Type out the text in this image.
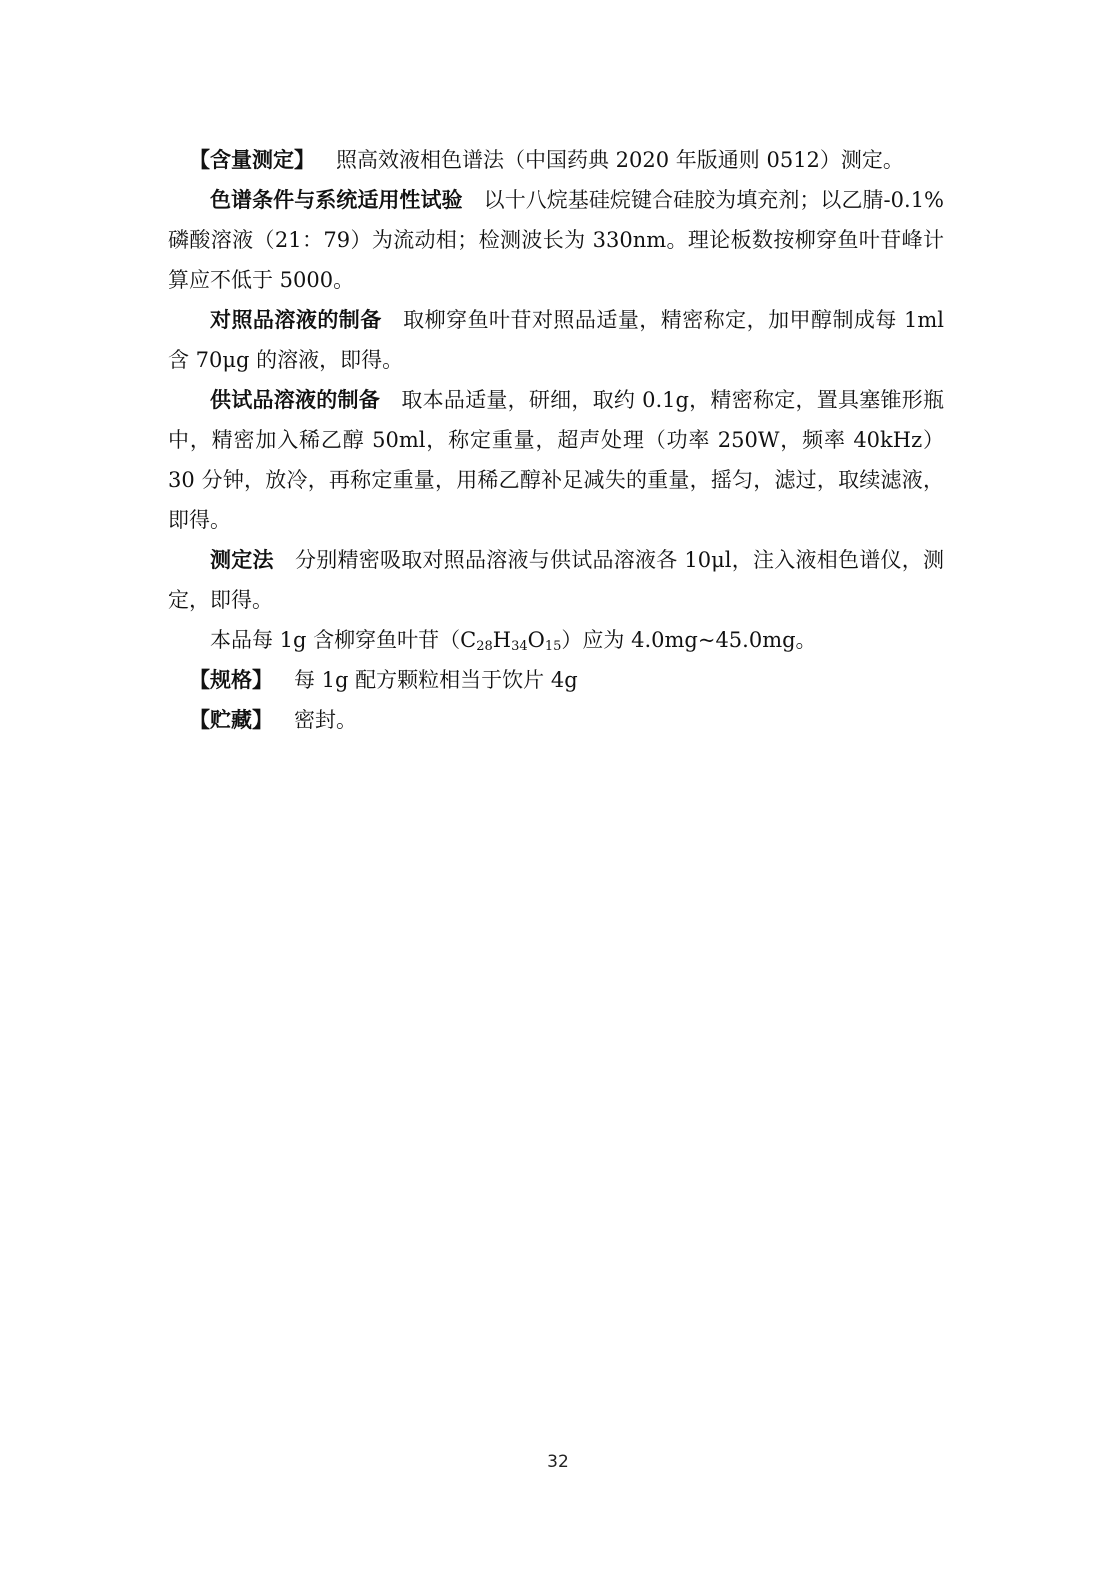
【含量测定】 照高效液相色谱法（中国药典 2020 年版通则 0512）测定。

色谱条件与系统适用性试验 以十八烷基硅烷键合硅胶为填充剂；以乙腈-0.1%磷酸溶液（21：79）为流动相；检测波长为 330nm。理论板数按柳穿鱼叶苷峰计算应不低于 5000。

对照品溶液的制备 取柳穿鱼叶苷对照品适量，精密称定，加甲醇制成每 1ml 含 70μg 的溶液，即得。

供试品溶液的制备 取本品适量，研细，取约 0.1g，精密称定，置具塞锥形瓶中，精密加入稀乙醇 50ml，称定重量，超声处理（功率 250W，频率 40kHz）30 分钟，放冷，再称定重量，用稀乙醇补足减失的重量，摇匀，滤过，取续滤液，即得。

测定法 分别精密吸取对照品溶液与供试品溶液各 10μl，注入液相色谱仪，测定，即得。

本品每 1g 含柳穿鱼叶苷$(C_{28}H_{34}O_{15})$应为 4.0mg~45.0mg。

【规格】 每 1g 配方颗粒相当于饮片 4g

【贮藏】 密封。

32
